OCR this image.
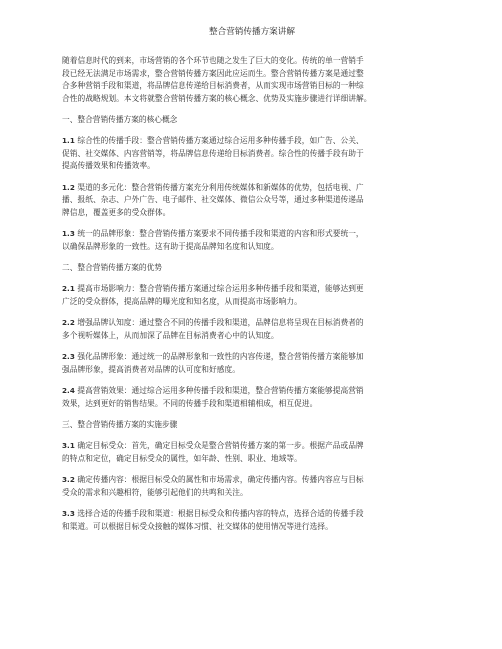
整合营销传播方案讲解
随着信息时代的到来，市场营销的各个环节也随之发生了巨大的变化。传统的单一营销手
段已经无法满足市场需求，整合营销传播方案因此应运而生。整合营销传播方案是通过整
合多种营销手段和渠道，将品牌信息传递给目标消费者，从而实现市场营销目标的一种综
合性的战略规划。本文将就整合营销传播方案的核心概念、优势及实施步骤进行详细讲解。
一、整合营销传播方案的核心概念
1.1 综合性的传播手段：整合营销传播方案通过综合运用多种传播手段，如广告、公关、
促销、社交媒体、内容营销等，将品牌信息传递给目标消费者。综合性的传播手段有助于
提高传播效果和传播效率。
1.2 渠道的多元化：整合营销传播方案充分利用传统媒体和新媒体的优势，包括电视、广
播、报纸、杂志、户外广告、电子邮件、社交媒体、微信公众号等，通过多种渠道传递品
牌信息，覆盖更多的受众群体。
1.3 统一的品牌形象：整合营销传播方案要求不同传播手段和渠道的内容和形式要统一，
以确保品牌形象的一致性。这有助于提高品牌知名度和认知度。
二、整合营销传播方案的优势
2.1 提高市场影响力：整合营销传播方案通过综合运用多种传播手段和渠道，能够达到更
广泛的受众群体，提高品牌的曝光度和知名度，从而提高市场影响力。
2.2 增强品牌认知度：通过整合不同的传播手段和渠道，品牌信息将呈现在目标消费者的
多个视听媒体上，从而加深了品牌在目标消费者心中的认知度。
2.3 强化品牌形象：通过统一的品牌形象和一致性的内容传递，整合营销传播方案能够加
强品牌形象，提高消费者对品牌的认可度和好感度。
2.4 提高营销效果：通过综合运用多种传播手段和渠道，整合营销传播方案能够提高营销
效果，达到更好的销售结果。不同的传播手段和渠道相辅相成，相互促进。
三、整合营销传播方案的实施步骤
3.1 确定目标受众：首先，确定目标受众是整合营销传播方案的第一步。根据产品或品牌
的特点和定位，确定目标受众的属性，如年龄、性别、职业、地域等。
3.2 确定传播内容：根据目标受众的属性和市场需求，确定传播内容。传播内容应与目标
受众的需求和兴趣相符，能够引起他们的共鸣和关注。
3.3 选择合适的传播手段和渠道：根据目标受众和传播内容的特点，选择合适的传播手段
和渠道。可以根据目标受众接触的媒体习惯、社交媒体的使用情况等进行选择。
